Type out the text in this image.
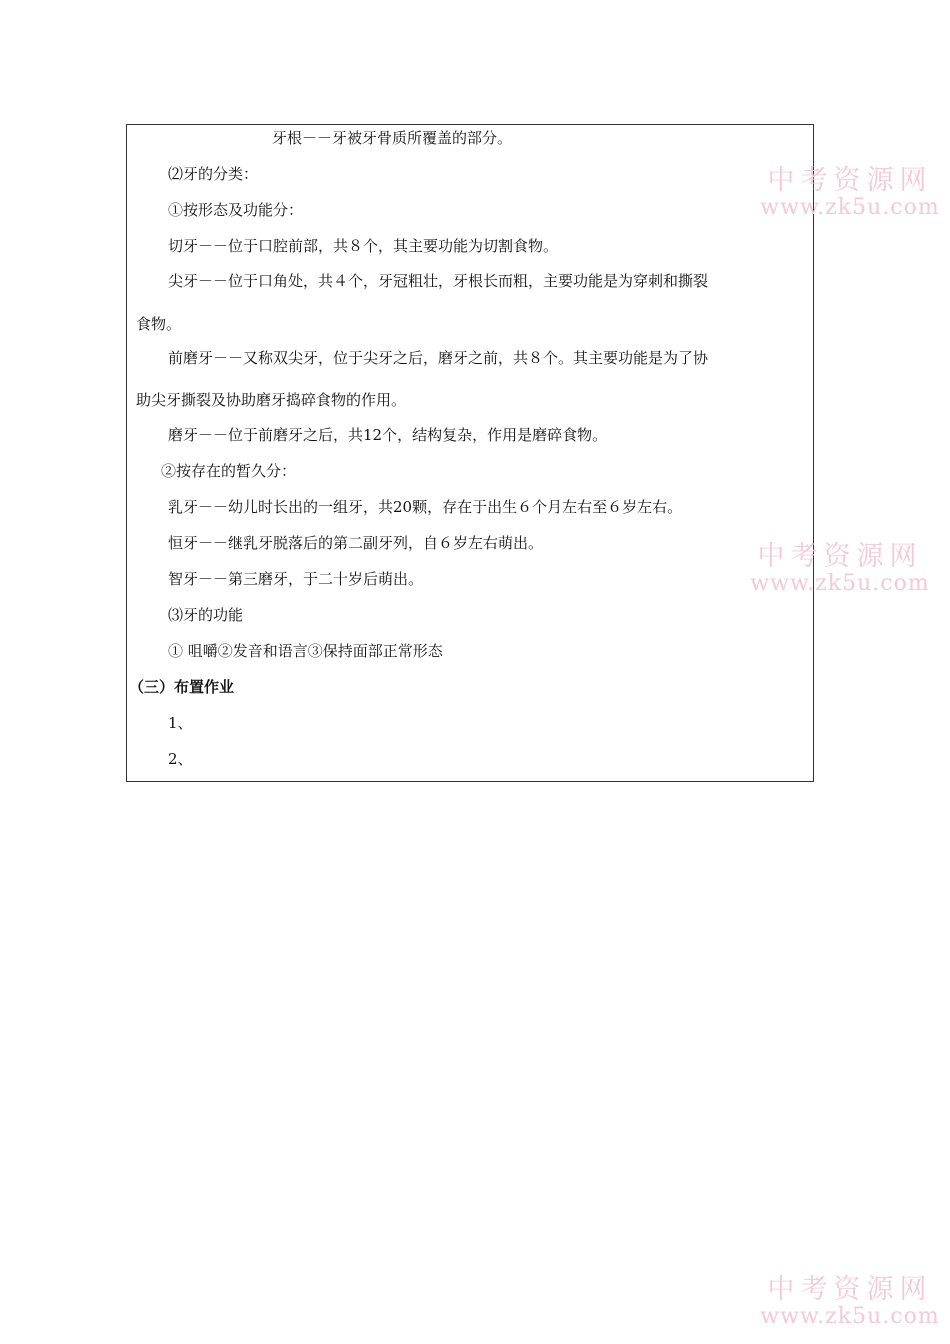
牙根－－牙被牙骨质所覆盖的部分。
⑵牙的分类：
①按形态及功能分：
切牙－－位于口腔前部，共８个，其主要功能为切割食物。
尖牙－－位于口角处，共４个，牙冠粗壮，牙根长而粗，主要功能是为穿刺和撕裂
食物。
前磨牙－－又称双尖牙，位于尖牙之后，磨牙之前，共８个。其主要功能是为了协
助尖牙撕裂及协助磨牙捣碎食物的作用。
磨牙－－位于前磨牙之后，共12个，结构复杂，作用是磨碎食物。
②按存在的暂久分：
乳牙－－幼儿时长出的一组牙，共20颗，存在于出生６个月左右至６岁左右。
恒牙－－继乳牙脱落后的第二副牙列，自６岁左右萌出。
智牙－－第三磨牙，于二十岁后萌出。
⑶牙的功能
① 咀嚼②发音和语言③保持面部正常形态
（三）布置作业
1、
2、
中考资源网
www.zk5u.com
中考资源网
www.zk5u.com
中考资源网
www.zk5u.com
